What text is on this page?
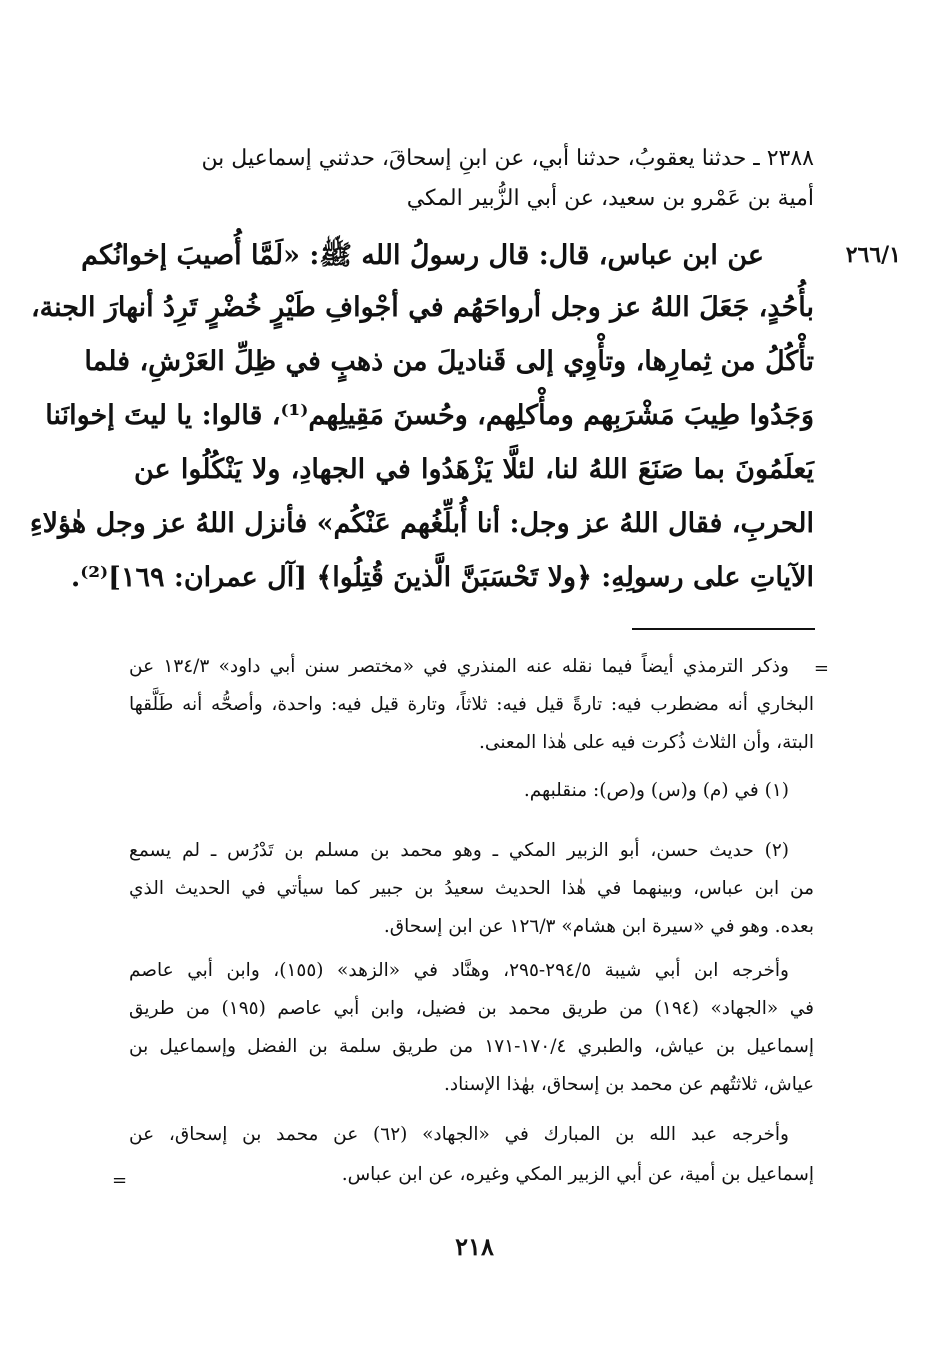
٢٣٨٨ ـ حدثنا يعقوبُ، حدثنا أبي، عن ابنِ إسحاقَ، حدثني إسماعيل بن
أمية بن عَمْرو بن سعيد، عن أبي الزُّبير المكي
٢٦٦/١
عن ابن عباس، قال: قال رسولُ الله ﷺ: «لَمَّا أُصيبَ إخوانُكم
بأُحُدٍ، جَعَلَ اللهُ عز وجل أرواحَهُم في أجْوافِ طَيْرٍ خُضْرٍ تَرِدُ أنهارَ الجنة،
تأْكُلُ من ثِمارِها، وتأْوِي إلى قَناديلَ من ذهبٍ في ظِلِّ العَرْشِ، فلما
وَجَدُوا طِيبَ مَشْرَبِهم ومأْكلِهم، وحُسنَ مَقِيلِهم⁽¹⁾، قالوا: يا ليتَ إخوانَنا
يَعلَمُونَ بما صَنَعَ اللهُ لنا، لئلَّا يَزْهَدُوا في الجهادِ، ولا يَنْكُلُوا عن
الحربِ، فقال اللهُ عز وجل: أنا أُبلِّغُهم عَنْكُم» فأنزل اللهُ عز وجل هٰؤلاءِ
الآياتِ على رسولِهِ: ﴿ولا تَحْسَبَنَّ الَّذينَ قُتِلُوا﴾ [آل عمران: ١٦٩]⁽²⁾.
=
وذكر الترمذي أيضاً فيما نقله عنه المنذري في «مختصر سنن أبي داود» ١٣٤/٣ عن
البخاري أنه مضطرب فيه: تارةً قيل فيه: ثلاثاً، وتارة قيل فيه: واحدة، وأصحُّه أنه طَلَّقها
البتة، وأن الثلاث ذُكرت فيه على هٰذا المعنى.
(١) في (م) و(س) و(ص): منقلبهم.
(٢) حديث حسن، أبو الزبير المكي ـ وهو محمد بن مسلم بن تَدْرُس ـ لم يسمع
من ابن عباس، وبينهما في هٰذا الحديث سعيدُ بن جبير كما سيأتي في الحديث الذي
بعده. وهو في «سيرة ابن هشام» ١٢٦/٣ عن ابن إسحاق.
وأخرجه ابن أبي شيبة ٢٩٤/٥-٢٩٥، وهنَّاد في «الزهد» (١٥٥)، وابن أبي عاصم
في «الجهاد» (١٩٤) من طريق محمد بن فضيل، وابن أبي عاصم (١٩٥) من طريق
إسماعيل بن عياش، والطبري ١٧٠/٤-١٧١ من طريق سلمة بن الفضل وإسماعيل بن
عياش، ثلاثتُهم عن محمد بن إسحاق، بهٰذا الإسناد.
وأخرجه عبد الله بن المبارك في «الجهاد» (٦٢) عن محمد بن إسحاق، عن
إسماعيل بن أمية، عن أبي الزبير المكي وغيره، عن ابن عباس.
=
٢١٨
